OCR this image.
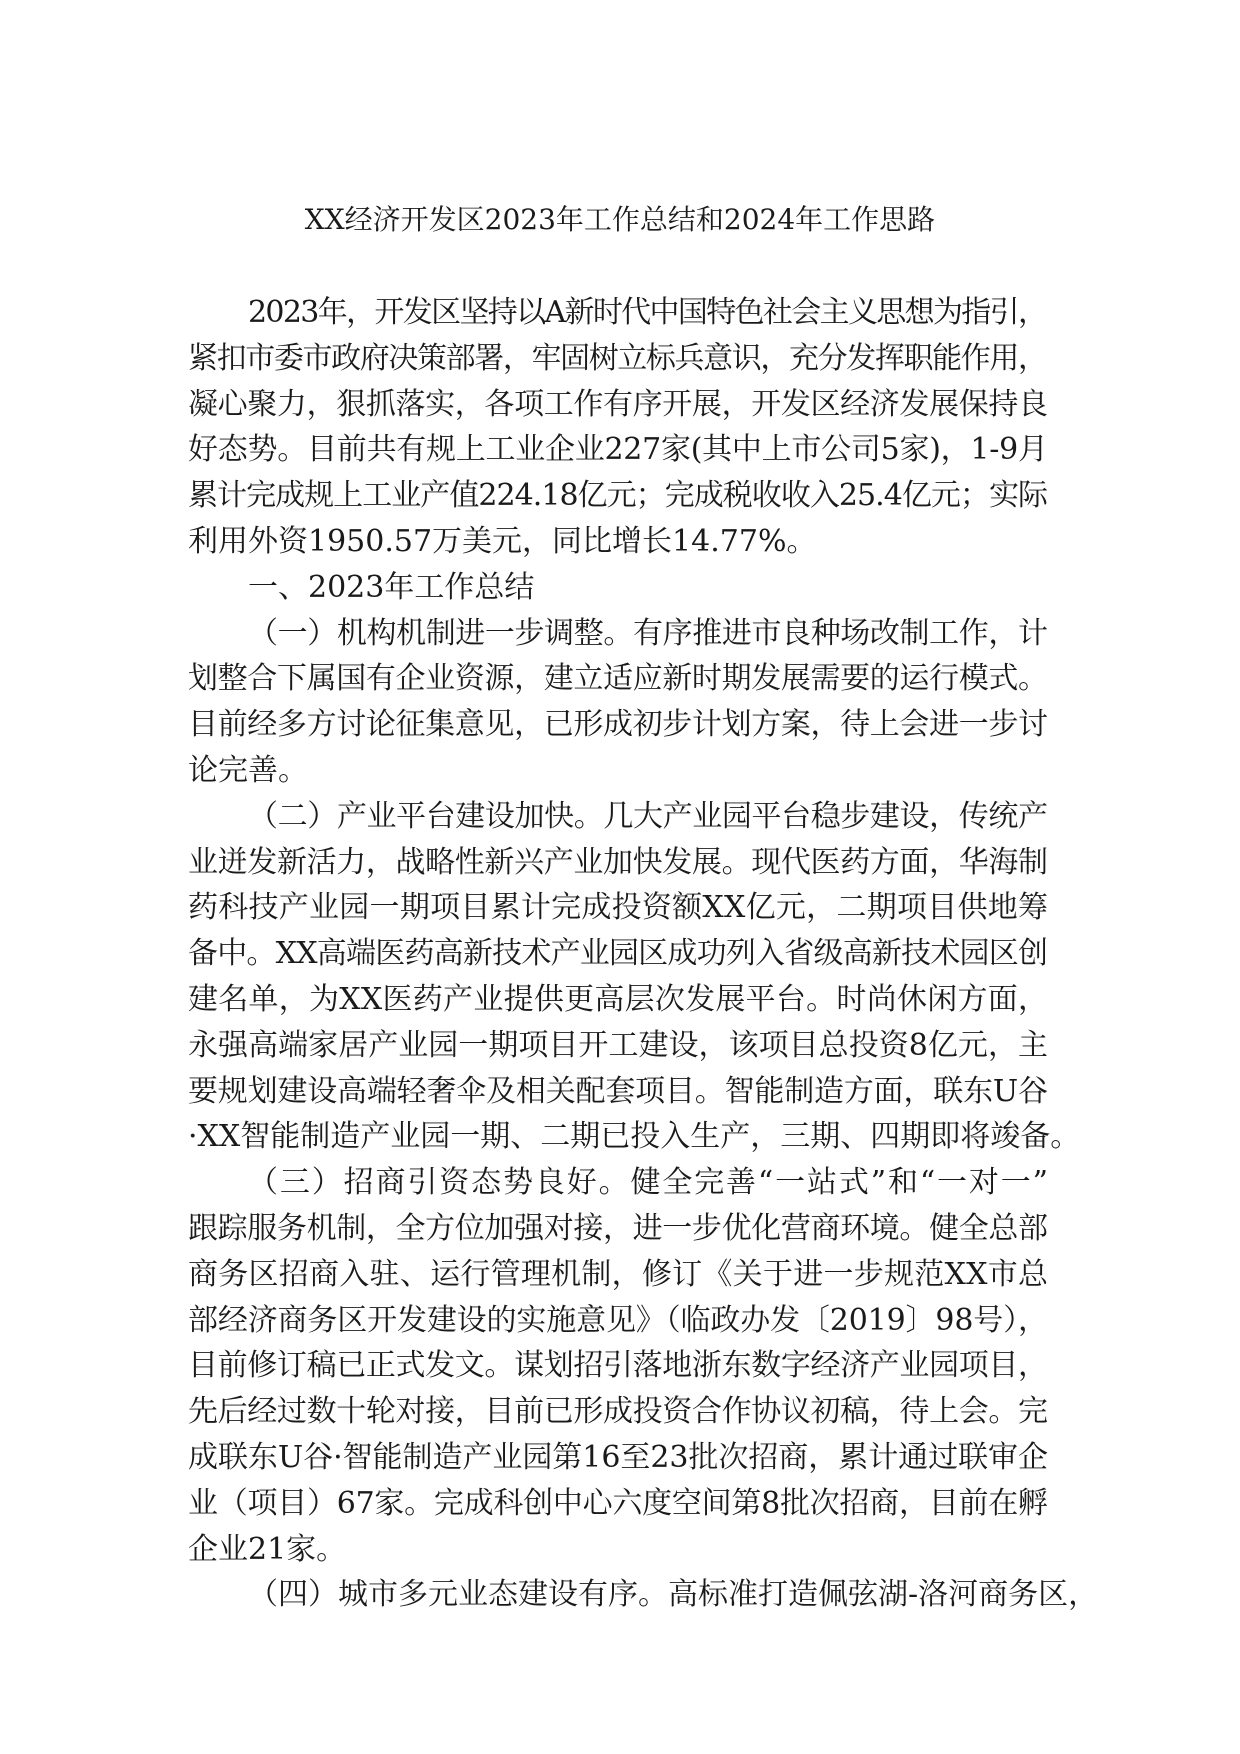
XX经济开发区2023年工作总结和2024年工作思路

2023年，开发区坚持以A新时代中国特色社会主义思想为指引，
紧扣市委市政府决策部署，牢固树立标兵意识，充分发挥职能作用，
凝心聚力，狠抓落实，各项工作有序开展，开发区经济发展保持良
好态势。目前共有规上工业企业227家(其中上市公司5家)，1-9月
累计完成规上工业产值224.18亿元；完成税收收入25.4亿元；实际
利用外资1950.57万美元，同比增长14.77%。

一、2023年工作总结

（一）机构机制进一步调整。有序推进市良种场改制工作，计
划整合下属国有企业资源，建立适应新时期发展需要的运行模式。
目前经多方讨论征集意见，已形成初步计划方案，待上会进一步讨
论完善。

（二）产业平台建设加快。几大产业园平台稳步建设，传统产
业迸发新活力，战略性新兴产业加快发展。现代医药方面，华海制
药科技产业园一期项目累计完成投资额XX亿元，二期项目供地筹
备中。XX高端医药高新技术产业园区成功列入省级高新技术园区创
建名单，为XX医药产业提供更高层次发展平台。时尚休闲方面，
永强高端家居产业园一期项目开工建设，该项目总投资8亿元，主
要规划建设高端轻奢伞及相关配套项目。智能制造方面，联东U谷
·XX智能制造产业园一期、二期已投入生产，三期、四期即将竣备。

（三）招商引资态势良好。健全完善“一站式”和“一对一”
跟踪服务机制，全方位加强对接，进一步优化营商环境。健全总部
商务区招商入驻、运行管理机制，修订《关于进一步规范XX市总
部经济商务区开发建设的实施意见》（临政办发〔2019〕98号），
目前修订稿已正式发文。谋划招引落地浙东数字经济产业园项目，
先后经过数十轮对接，目前已形成投资合作协议初稿，待上会。完
成联东U谷·智能制造产业园第16至23批次招商，累计通过联审企
业（项目）67家。完成科创中心六度空间第8批次招商，目前在孵
企业21家。

（四）城市多元业态建设有序。高标准打造佩弦湖-洛河商务区，
